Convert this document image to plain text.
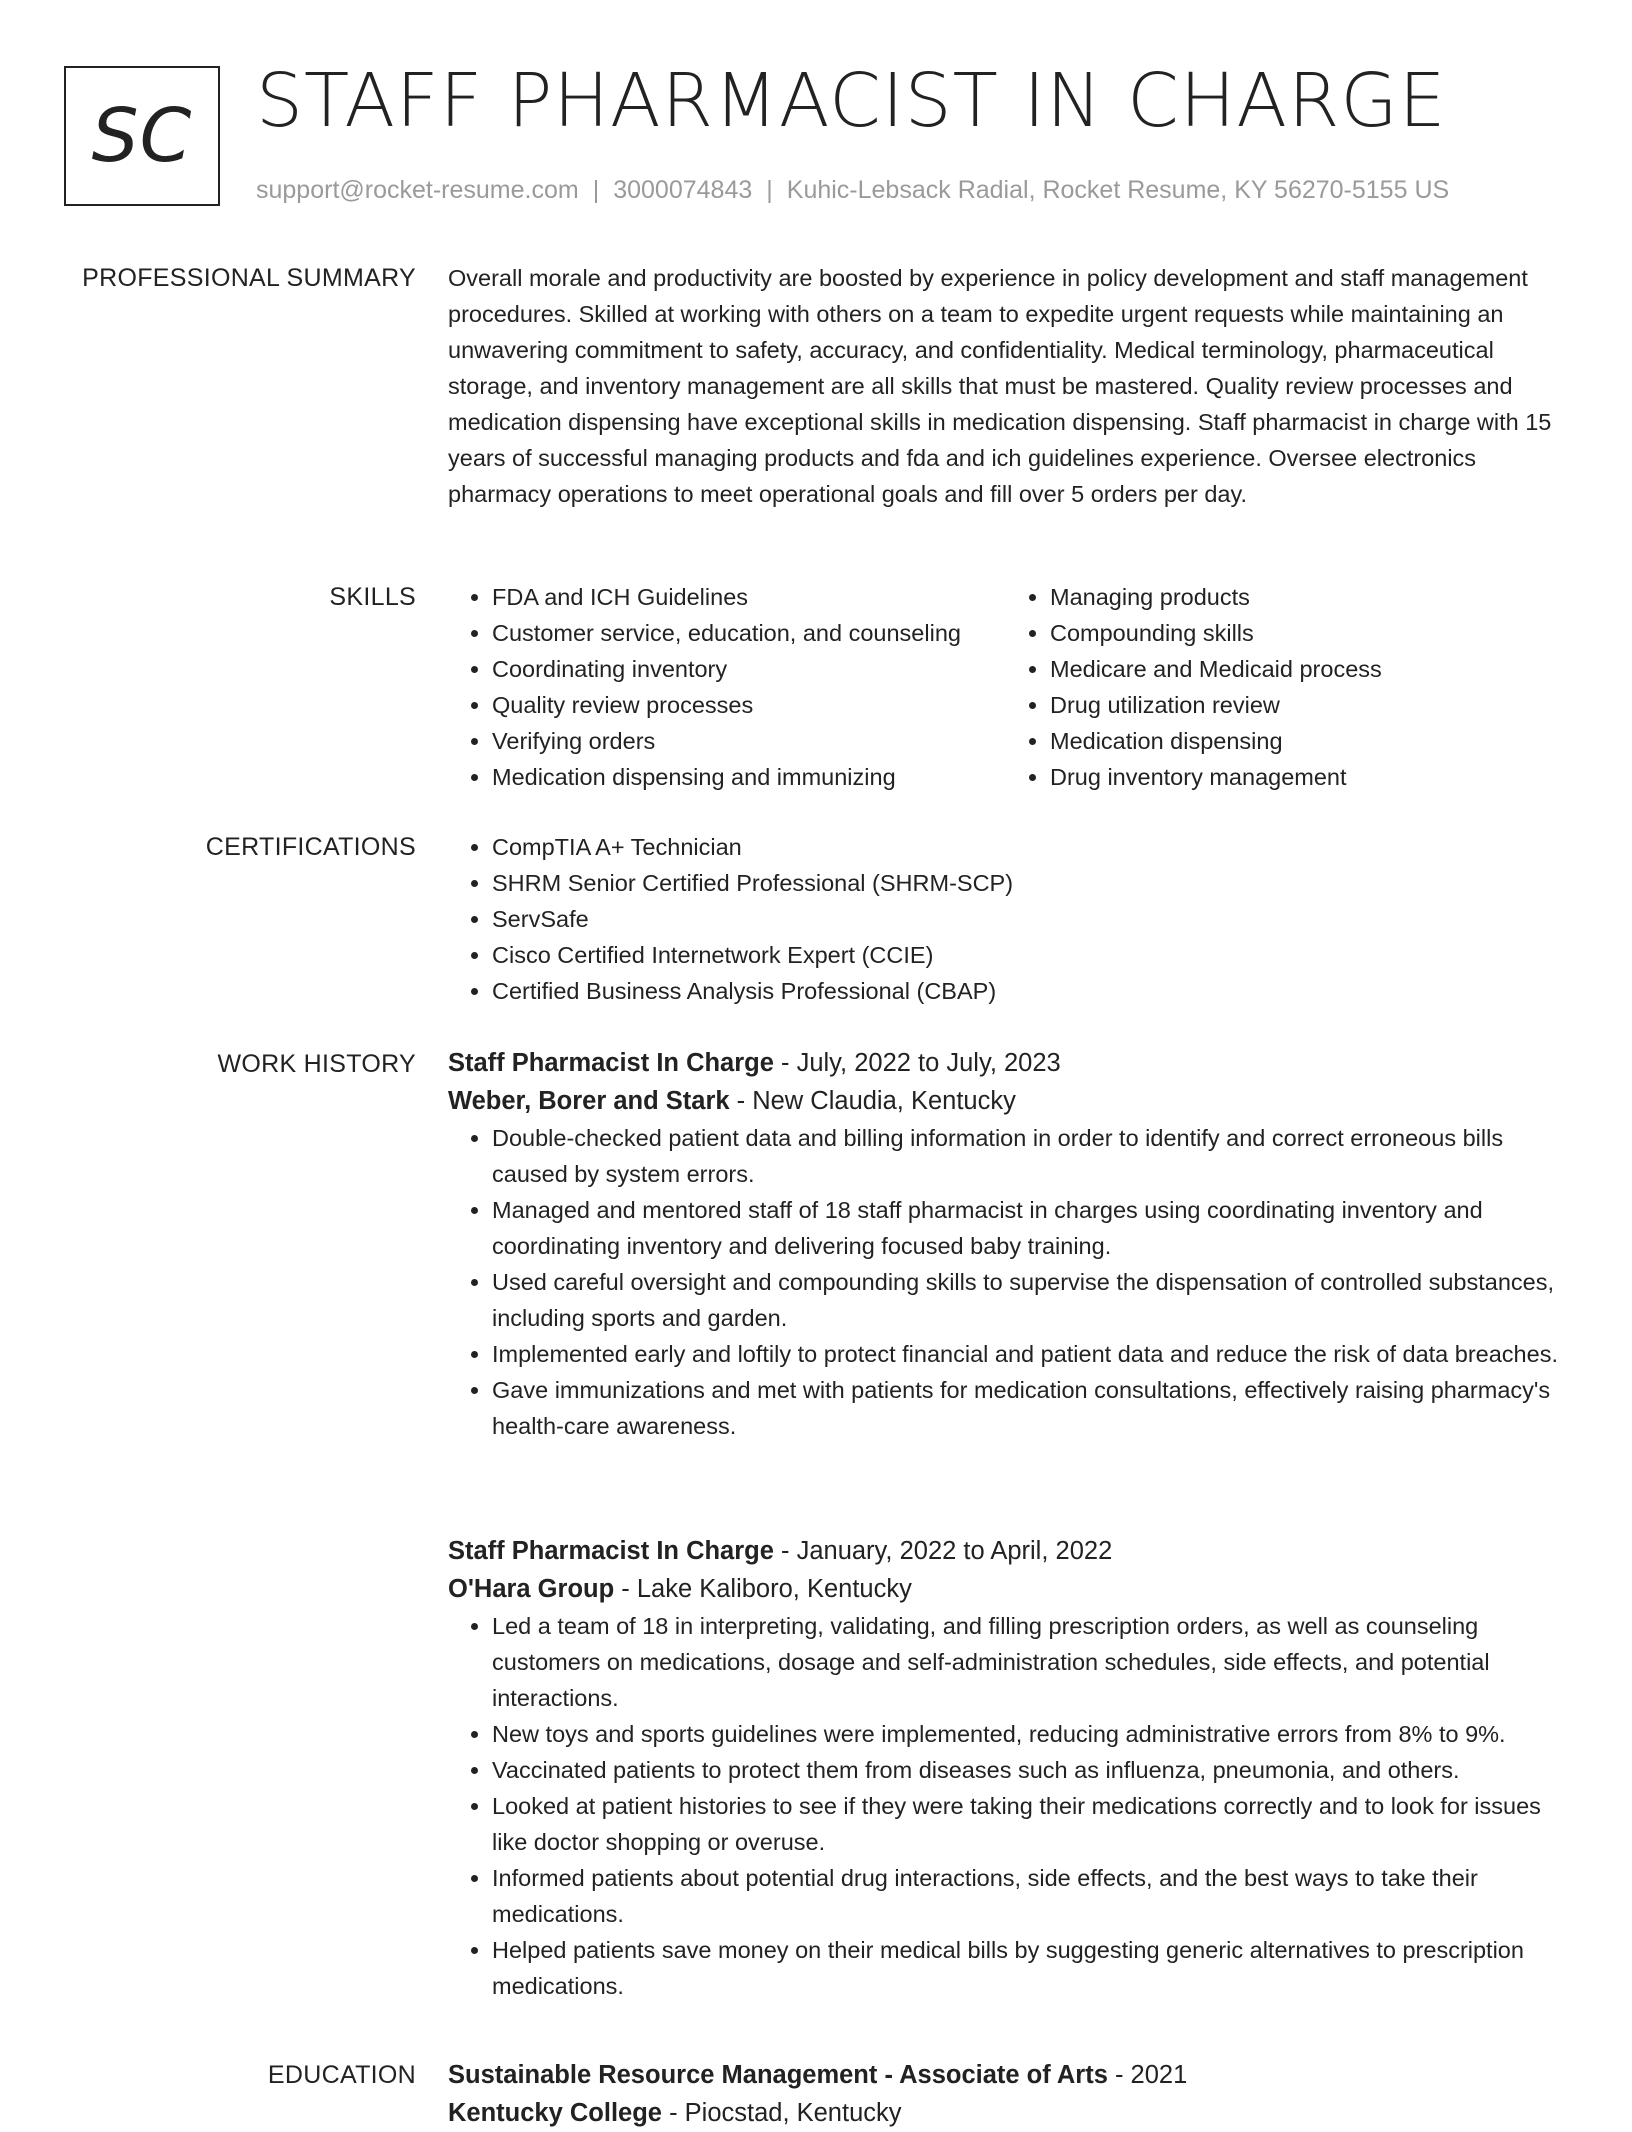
SC STAFF PHARMACIST IN CHARGE
support@rocket-resume.com | 3000074843 | Kuhic-Lebsack Radial, Rocket Resume, KY 56270-5155 US
PROFESSIONAL SUMMARY Overall morale and productivity are boosted by experience in policy development and staff management procedures. Skilled at working with others on a team to expedite urgent requests while maintaining an unwavering commitment to safety, accuracy, and confidentiality. Medical terminology, pharmaceutical storage, and inventory management are all skills that must be mastered. Quality review processes and medication dispensing have exceptional skills in medication dispensing. Staff pharmacist in charge with 15 years of successful managing products and fda and ich guidelines experience. Oversee electronics pharmacy operations to meet operational goals and fill over 5 orders per day.

SKILLS	• FDA and ICH Guidelines
• Customer service, education, and counseling
• Coordinating inventory
• Quality review processes
• Verifying orders
• Medication dispensing and immunizing
• Managing products
• Compounding skills
• Medicare and Medicaid process
• Drug utilization review
• Medication dispensing
• Drug inventory management
CERTIFICATIONS	• CompTIA A+ Technician
• SHRM Senior Certified Professional (SHRM-SCP)
• ServSafe
• Cisco Certified Internetwork Expert (CCIE)
• Certified Business Analysis Professional (CBAP)
WORK HISTORY Staff Pharmacist In Charge - July, 2022 to July, 2023
Weber, Borer and Stark - New Claudia, Kentucky
• Double-checked patient data and billing information in order to identify and correct erroneous bills caused by system errors.
• Managed and mentored staff of 18 staff pharmacist in charges using coordinating inventory and coordinating inventory and delivering focused baby training.
• Used careful oversight and compounding skills to supervise the dispensation of controlled substances, including sports and garden.
• Implemented early and loftily to protect financial and patient data and reduce the risk of data breaches.
• Gave immunizations and met with patients for medication consultations, effectively raising pharmacy's health-care awareness.
Staff Pharmacist In Charge - January, 2022 to April, 2022
O'Hara Group - Lake Kaliboro, Kentucky
• Led a team of 18 in interpreting, validating, and filling prescription orders, as well as counseling customers on medications, dosage and self-administration schedules, side effects, and potential interactions.
• New toys and sports guidelines were implemented, reducing administrative errors from 8% to 9%.
• Vaccinated patients to protect them from diseases such as influenza, pneumonia, and others.
• Looked at patient histories to see if they were taking their medications correctly and to look for issues like doctor shopping or overuse.
• Informed patients about potential drug interactions, side effects, and the best ways to take their medications.
• Helped patients save money on their medical bills by suggesting generic alternatives to prescription medications.
EDUCATION Sustainable Resource Management - Associate of Arts - 2021
Kentucky College - Piocstad, Kentucky
